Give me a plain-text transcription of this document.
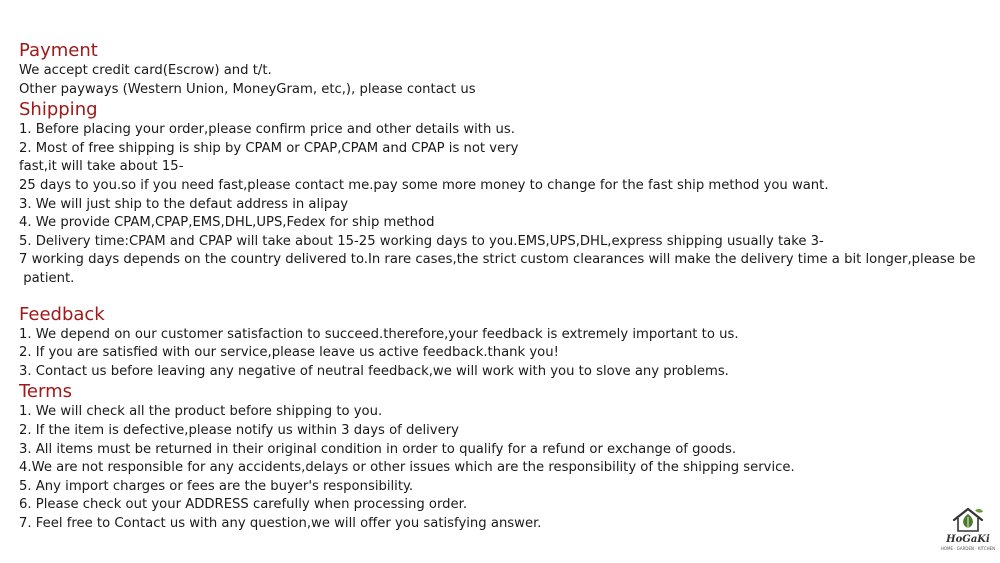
Payment
We accept credit card(Escrow) and t/t.
Other payways (Western Union, MoneyGram, etc,), please contact us
Shipping
1. Before placing your order,please confirm price and other details with us.
2. Most of free shipping is ship by CPAM or CPAP,CPAM and CPAP is not very
fast,it will take about 15-
25 days to you.so if you need fast,please contact me.pay some more money to change for the fast ship method you want.
3. We will just ship to the defaut address in alipay
4. We provide CPAM,CPAP,EMS,DHL,UPS,Fedex for ship method
5. Delivery time:CPAM and CPAP will take about 15-25 working days to you.EMS,UPS,DHL,express shipping usually take 3-
7 working days depends on the country delivered to.In rare cases,the strict custom clearances will make the delivery time a bit longer,please be
patient.
Feedback
1. We depend on our customer satisfaction to succeed.therefore,your feedback is extremely important to us.
2. If you are satisfied with our service,please leave us active feedback.thank you!
3. Contact us before leaving any negative of neutral feedback,we will work with you to slove any problems.
Terms
1. We will check all the product before shipping to you.
2. If the item is defective,please notify us within 3 days of delivery
3. All items must be returned in their original condition in order to qualify for a refund or exchange of goods.
4.We are not responsible for any accidents,delays or other issues which are the responsibility of the shipping service.
5. Any import charges or fees are the buyer's responsibility.
6. Please check out your ADDRESS carefully when processing order.
7. Feel free to Contact us with any question,we will offer you satisfying answer.
HoGaKi
HOME · GARDEN · KITCHEN
